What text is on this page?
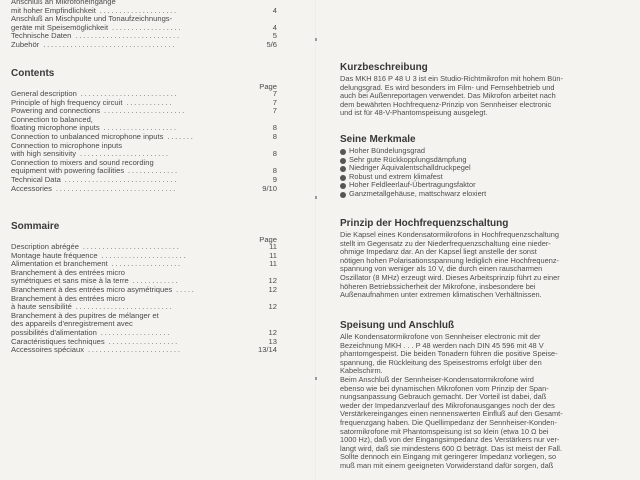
Anschluß an Mikrofoneingänge
mit hoher Empfindlichkeit ....................	4
Anschluß an Mischpulte und Tonaufzeichnungs-
geräte mit Speisemöglichkeit ..................	4
Technische Daten ...........................	5
Zubehör ..................................	5/6
Contents
Page
General description .........................	7
Principle of high frequency circuit ............	7
Powering and connections .....................	7
Connection to balanced,
floating microphone inputs ...................	8
Connection to unbalanced microphone inputs .......	8
Connection to microphone inputs
with high sensitivity .......................	8
Connection to mixers and sound recording
equipment with powering facilities .............	8
Technical Data .............................	9
Accessories ...............................	9/10
Sommaire
Page
Description abrégée .........................	11
Montage haute fréquence ......................	11
Alimentation et branchement ..................	11
Branchement à des entrées micro
symétriques et sans mise à la terre ............	12
Branchement à des entrées micro asymétriques .....	12
Branchement à des entrées micro
à haute sensibilité .........................	12
Branchement à des pupitres de mélanger et
des appareils d'enregistrement avec
possibilités d'alimentation ..................	12
Caractéristiques techniques ..................	13
Accessoires spéciaux ........................	13/14
Kurzbeschreibung

Das MKH 816 P 48 U 3 ist ein Studio-Richtmikrofon mit hohem Bün-

delungsgrad. Es wird besonders im Film- und Fernsehbetrieb und

auch bei Außenreportagen verwendet. Das Mikrofon arbeitet nach

dem bewährten Hochfrequenz-Prinzip von Sennheiser electronic

und ist für 48-V-Phantomspeisung ausgelegt.

Seine Merkmale
Hoher Bündelungsgrad
Sehr gute Rückkopplungsdämpfung
Niedriger Äquivalentschalldruckpegel
Robust und extrem klimafest
Hoher Feldleerlauf-Übertragungsfaktor
Ganzmetallgehäuse, mattschwarz eloxiert
Prinzip der Hochfrequenzschaltung

Die Kapsel eines Kondensatormikrofons in Hochfrequenzschaltung

stellt im Gegensatz zu der Niederfrequenzschaltung eine nieder-

ohmige Impedanz dar. An der Kapsel liegt anstelle der sonst

nötigen hohen Polarisationsspannung lediglich eine Hochfrequenz-

spannung von weniger als 10 V, die durch einen rauscharmen

Oszillator (8 MHz) erzeugt wird. Dieses Arbeitsprinzip führt zu einer

höheren Betriebssicherheit der Mikrofone, insbesondere bei

Außenaufnahmen unter extremen klimatischen Verhältnissen.

Speisung und Anschluß

Alle Kondensatormikrofone von Sennheiser electronic mit der

Bezeichnung MKH . . . P 48 werden nach DIN 45 596 mit 48 V

phantomgespeist. Die beiden Tonadern führen die positive Speise-

spannung, die Rückleitung des Speisestroms erfolgt über den

Kabelschirm.

Beim Anschluß der Sennheiser-Kondensatormikrofone wird

ebenso wie bei dynamischen Mikrofonen vom Prinzip der Span-

nungsanpassung Gebrauch gemacht. Der Vorteil ist dabei, daß

weder der Impedanzverlauf des Mikrofonausganges noch der des

Verstärkereinganges einen nennenswerten Einfluß auf den Gesamt-

frequenzgang haben. Die Quellimpedanz der Sennheiser-Konden-

satormikrofone mit Phantomspeisung ist so klein (etwa 10 Ω bei

1000 Hz), daß von der Eingangsimpedanz des Verstärkers nur ver-

langt wird, daß sie mindestens 600 Ω beträgt. Das ist meist der Fall.

Sollte dennoch ein Eingang mit geringerer Impedanz vorliegen, so

muß man mit einem geeigneten Vorwiderstand dafür sorgen, daß
